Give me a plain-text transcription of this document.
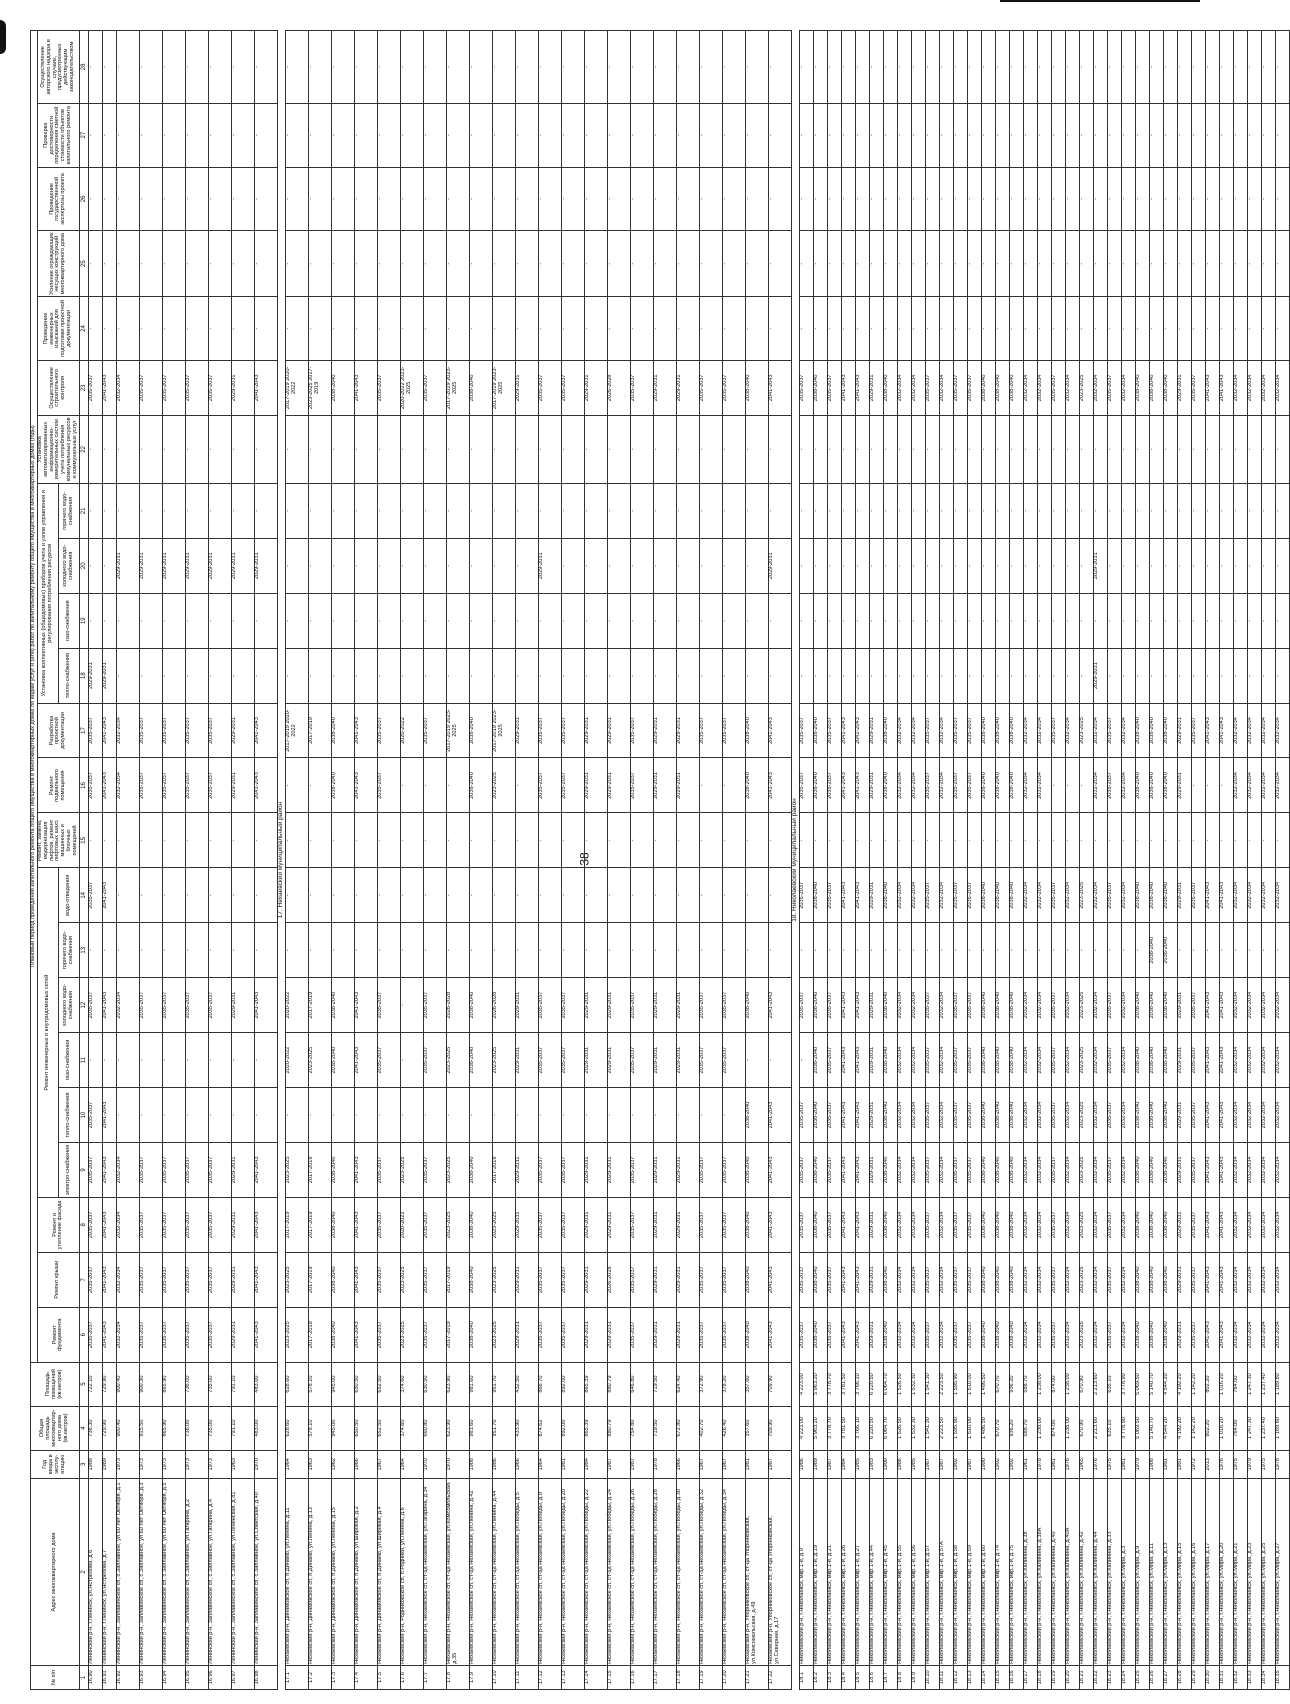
38
№ п/п	Адрес многоквартирного дома	Год ввода в эксплу-атацию	Общая площадь многоквартир-ного дома (кв.метров)	Площадь помещений (кв.метров)	Плановый период проведения капитального ремонта общего имущества в многоквартирных домах по видам услуг и (или) работ по капитальному ремонту общего имущества в многоквартирных домах (годы)																						
					Ремонт фундамента	Ремонт крыши	Ремонт и утепление фасада	Ремонт инженерных и внутридомовых сетей						Ремонт, замена, модернизация лифтов, ремонт лифтовых шахт, машинных и блочных помещений	Ремонт подвального помещения	Разработка проектной документации	Установка коллективных (общедомовых) приборов учета и узлов управления и регулирования потребления ресурсов				Установка автоматизированных информационно-измерительных систем учета потребления коммунальных ресурсов и коммунальных услуг	Осуществление строительного контроля	Проведение инженерных изысканий для подготовки проектной документации	Усиление ограждающих несущих конструкций многоквартирного дома	Проведение государственной экспертизы проекта	Проверка достоверности определения сметной стоимости объектов капитального ремонта	Осуществление авторского надзора в случаях, предусмотренных действующим законодательством
								электро-снабжения	тепло-снабжения	газо-снабжения	холодного водо-снабжения	горячего водо-снабжения	водо-отведения				тепло-снабжения	газо-снабжения	холодного водо-снабжения	горячего водо-снабжения							
1	2	3	4	5	6	7	8	9	10	11	12	13	14	15	16	17	18	19	20	21	22	23	24	25	26	27	28
16.90	Ленинский р-н, г.Ленинск, ул.Ястребова, д.6	1988	736.30	722.10	2035-2037	2035-2037	2035-2037	2035-2037	2035-2037	-	2035-2037	-	2035-2037	-	2035-2037	2035-2037	2029-2031	-	-	-	-	2035-2037	-	-	-	-	-
16.91	Ленинский р-н, г.Ленинск, ул.Ястребова, д.7	1989	729.90	729.90	2041-2043	2041-2043	2041-2043	2041-2043	2041-2043	-	2041-2043	-	2041-2043	-	2041-2043	2041-2043	2029-2031	-	-	-	-	2041-2043	-	-	-	-	-
16.92	Ленинский р-н, Заплавинское сп, с.Заплавное, ул.60 лет Октября, д.1	1973	900.40	900.40	2032-2034	2032-2034	2032-2034	2032-2034	-	-	2032-2034	-	-	-	2032-2034	2032-2034	-	-	2029-2031	-	-	2032-2034	-	-	-	-	-
16.93	Ленинский р-н, Заплавинское сп, с.Заплавное, ул.60 лет Октября, д.3	1973	915.50	900.30	2035-2037	2035-2037	2035-2037	2035-2037	-	-	2035-2037	-	-	-	2035-2037	2035-2037	-	-	2029-2031	-	-	2035-2037	-	-	-	-	-
16.94	Ленинский р-н, Заплавинское сп, с.Заплавное, ул.60 лет Октября, д.5	1973	865.90	865.90	2035-2037	2035-2037	2035-2037	2035-2037	-	-	2035-2037	-	-	-	2035-2037	2035-2037	-	-	2029-2031	-	-	2035-2037	-	-	-	-	-
16.95	Ленинский р-н, Заплавинское сп, с.Заплавное, ул.Гагарина, д.2	1973	736.00	736.00	2035-2037	2035-2037	2035-2037	2035-2037	-	-	2035-2037	-	-	-	2035-2037	2035-2037	-	-	2029-2031	-	-	2035-2037	-	-	-	-	-
16.96	Ленинский р-н, Заплавинское сп, с.Заплавное, ул.Гагарина, д.4	1973	735.00	735.00	2035-2037	2035-2037	2035-2037	2035-2037	-	-	2035-2037	-	-	-	2035-2037	2035-2037	-	-	2029-2031	-	-	2035-2037	-	-	-	-	-
16.97	Ленинский р-н, Заплавинское сп, с.Заплавное, ул.Ленинская, д.81	1963	791.10	791.10	2029-2031	2029-2031	2029-2031	2029-2031	-	-	2029-2031	-	-	-	2029-2031	2029-2031	-	-	2029-2031	-	-	2029-2031	-	-	-	-	-
16.98	Ленинский р-н, Заплавинское сп, с.Заплавное, ул.Советская, д.40	1970	483.00	483.00	2041-2043	2041-2043	2041-2043	2041-2043	-	-	2041-2043	-	-	-	2041-2043	2041-2043	-	-	2029-2031	-	-	2041-2043	-	-	-	-	-
17. Нехаевский муниципальный район																											
17.1	Нехаевский р-н, Динамовское сп, п.Динамо, ул.Ленина, д.11	1964	628.60	628.60	2023-2025	2023-2025	2017-2019	2023-2025	-	2020-2022	2020-2022	-	-	-	-	2017-2019 2020-2022	-	-	-	-	-	2017-2019 2020-2022	-	-	-	-	-
17.2	Нехаевский р-н, Динамовское сп, п.Динамо, ул.Ленина, д.13	1963	578.10	578.10	2017-2019	2017-2019	2017-2019	2017-2019	-	2023-2025	2017-2019	-	-	-	-	2017-2019	-	-	-	-	-	2023-2025 2017-2019	-	-	-	-	-
17.3	Нехаевский р-н, Динамовское сп, п.Динамо, ул.Ленина, д.15	1962	945.00	945.00	2038-2040	2038-2040	2038-2040	2038-2040	-	2038-2040	2038-2040	-	-	-	2038-2040	2038-2040	-	-	-	-	-	2038-2040	-	-	-	-	-
17.4	Нехаевский р-н, Динамовское сп, п.Динамо, ул.Широкая, д.2	1966	650.50	650.50	2041-2043	2041-2043	2041-2043	2041-2043	-	2041-2043	2041-2043	-	-	-	2041-2043	2041-2043	-	-	-	-	-	2041-2043	-	-	-	-	-
17.5	Нехаевский р-н, Динамовское сп, п.Динамо, ул.Широкая, д.4	1967	652.50	652.50	2035-2037	2035-2037	2035-2037	2035-2037	-	2035-2037	2035-2037	-	-	-	2035-2037	2035-2037	-	-	-	-	-	2035-2037	-	-	-	-	-
17.6	Нехаевский р-н, Родниковское сп, п.Родники, ул.Ленина, д.6	1964	374.60	374.60	2023-2025	2023-2025	2020-2022	2023-2025	-	-	-	-	-	-	-	2020-2022	-	-	-	-	-	2020-2022 2023-2025	-	-	-	-	-
17.7	Нехаевский р-н, Нехаевское сп, ст-ца Нехаевская, ул.Гагарина, д.34	1970	660.80	630.50	2035-2037	2035-2037	2035-2037	2035-2037	-	2035-2037	2035-2037	-	-	-	-	2035-2037	-	-	-	-	-	2035-2037	-	-	-	-	-
17.8	Нехаевский р-н, Нехаевское сп, ст-ца Нехаевская, ул.Комсомольская, д.35	1970	623.90	623.90	2017-2019	2017-2019	2023-2025	2023-2025	-	2023-2025	2026-2028	-	-	-	-	2017-2019 2023-2025	-	-	-	-	-	2017-2019 2023-2025	-	-	-	-	-
17.9	Нехаевский р-н, Нехаевское сп, ст-ца Нехаевская, ул.Ленина, д.42	1988	981.60	981.60	2038-2040	2038-2040	2038-2040	2038-2040	-	2038-2040	2038-2040	-	-	-	2038-2040	2038-2040	-	-	-	-	-	2038-2040	-	-	-	-	-
17.10	Нехаевский р-н, Нехаевское сп, ст-ца Нехаевская, ул.Ленина, д.44	1986	951.70	951.70	2023-2025	2023-2025	2023-2025	2017-2019	-	2023-2025	2026-2028	-	-	-	2023-2025	2017-2019 2023-2025	-	-	-	-	-	2017-2019 2023-2025	-	-	-	-	-
17.11	Нехаевский р-н, Нехаевское сп, ст-ца Нехаевская, ул.Победы, д.5	1966	433.90	432.50	2029-2031	2029-2031	2029-2031	2029-2031	-	2029-2031	2029-2031	-	-	-	-	2029-2031	-	-	-	-	-	2029-2031	-	-	-	-	-
17.12	Нехаевский р-н, Нехаевское сп, ст-ца Нехаевская, ул.Победы, д.9	1964	874.62	866.70	2035-2037	2035-2037	2035-2037	2035-2037	-	2035-2037	2035-2037	-	-	-	2035-2037	2035-2037	-	-	2029-2031	-	-	2035-2037	-	-	-	-	-
17.13	Нехаевский р-н, Нехаевское сп, ст-ца Нехаевская, ул.Победы, д.20	1981	892.00	892.00	2035-2037	2035-2037	2035-2037	2035-2037	-	2035-2037	2035-2037	-	-	-	2035-2037	2035-2037	-	-	-	-	-	2035-2037	-	-	-	-	-
17.14	Нехаевский р-н, Нехаевское сп, ст-ца Нехаевская, ул.Победы, д.22	1984	865.39	865.39	2029-2031	2029-2031	2029-2031	2029-2031	-	2029-2031	2029-2031	-	-	-	2029-2031	2029-2031	-	-	-	-	-	2029-2031	-	-	-	-	-
17.15	Нехаевский р-н, Нехаевское сп, ст-ца Нехаевская, ул.Победы, д.24	1987	880.79	880.79	2029-2031	2026-2028	2029-2031	2029-2031	-	2029-2031	2029-2031	-	-	-	2029-2031	2029-2031	-	-	-	-	-	2026-2028	-	-	-	-	-
17.16	Нехаевский р-н, Нехаевское сп, ст-ца Нехаевская, ул.Победы, д.26	1987	754.80	646.80	2035-2037	2035-2037	2035-2037	2035-2037	-	2035-2037	2035-2037	-	-	-	2035-2037	2035-2037	-	-	-	-	-	2035-2037	-	-	-	-	-
17.17	Нехаевский р-н, Нехаевское сп, ст-ца Нехаевская, ул.Победы, д.28	1978	719.50	719.50	2029-2031	2029-2031	2029-2031	2029-2031	-	2029-2031	2029-2031	-	-	-	2029-2031	2029-2031	-	-	-	-	-	2029-2031	-	-	-	-	-
17.18	Нехаевский р-н, Нехаевское сп, ст-ца Нехаевская, ул.Победы, д.30	1966	672.80	624.40	2029-2031	2029-2031	2029-2031	2029-2031	-	2029-2031	2029-2031	-	-	-	2029-2031	2029-2031	-	-	-	-	-	2029-2031	-	-	-	-	-
17.19	Нехаевский р-н, Нехаевское сп, ст-ца Нехаевская, ул.Победы, д.32	1967	402.70	372.90	2035-2037	2035-2037	2035-2037	2035-2037	-	2035-2037	2035-2037	-	-	-	-	2035-2037	-	-	-	-	-	2035-2037	-	-	-	-	-
17.20	Нехаевский р-н, Нехаевское сп, ст-ца Нехаевская, ул.Победы, д.34	1967	426.40	378.20	2035-2037	2035-2037	2035-2037	2035-2037	-	2035-2037	2035-2037	-	-	-	-	2035-2037	-	-	-	-	-	2035-2037	-	-	-	-	-
17.21	Нехаевский р-н, Упорниковское сп, ст-ца Упорниковская, ул.Комсомольская, д.49	1981	357.60	357.60	2038-2040	2038-2040	2038-2040	2038-2040	2038-2040	-	2038-2040	-	-	-	2038-2040	2038-2040	-	-	-	-	-	2038-2040	-	-	-	-	-
17.22	Нехаевский р-н, Упорниковское сп, ст-ца Упорниковская, ул.Северная, д.17	1987	709.90	709.90	2041-2043	2041-2043	2041-2043	2041-2043	2041-2043	-	2041-2043	-	-	-	2041-2043	2041-2043	-	-	2029-2031	-	-	2041-2043	-	-	-	-	-
18. Николаевский муниципальный район																											
18.1	Николаевский р-н, г.Николаевск, мкр.1-й, д.9	1986	4 223.00	4 223.00	2035-2037	2035-2037	2035-2037	2035-2037	2035-2037	-	2035-2037	-	2035-2037	-	2035-2037	2035-2037	-	-	-	-	-	2035-2037	-	-	-	-	-
18.2	Николаевский р-н, г.Николаевск, мкр.1-й, д.19	1989	5 963.20	5 963.20	2038-2040	2038-2040	2038-2040	2038-2040	2038-2040	2038-2040	2038-2040	-	2038-2040	-	2038-2040	2038-2040	-	-	-	-	-	2038-2040	-	-	-	-	-
18.3	Николаевский р-н, г.Николаевск, мкр.1-й, д.21	1987	3 778.70	3 778.70	2035-2037	2035-2037	2035-2037	2035-2037	2035-2037	2035-2037	2035-2037	-	2035-2037	-	2035-2037	2035-2037	-	-	-	-	-	2035-2037	-	-	-	-	-
18.4	Николаевский р-н, г.Николаевск, мкр.1-й, д.26	1984	3 781.50	3 781.50	2041-2043	2041-2043	2041-2043	2041-2043	2041-2043	2041-2043	2041-2043	-	2041-2043	-	2041-2043	2041-2043	-	-	-	-	-	2041-2043	-	-	-	-	-
18.5	Николаевский р-н, г.Николаевск, мкр.1-й, д.27	1985	3 766.10	3 766.10	2041-2043	2041-2043	2041-2043	2041-2043	2041-2043	2041-2043	2041-2043	-	2041-2043	-	2041-2043	2041-2043	-	-	-	-	-	2041-2043	-	-	-	-	-
18.6	Николаевский р-н, г.Николаевск, мкр.1-й, д.44	1983	6 220.50	6 220.50	2029-2031	2029-2031	2029-2031	2029-2031	2029-2031	2029-2031	2029-2031	-	2029-2031	-	2029-2031	2029-2031	-	-	-	-	-	2029-2031	-	-	-	-	-
18.7	Николаевский р-н, г.Николаевск, мкр.1-й, д.45	1990	6 064.70	6 064.70	2038-2040	2038-2040	2038-2040	2038-2040	2038-2040	2038-2040	2038-2040	-	2038-2040	-	2038-2040	2038-2040	-	-	-	-	-	2038-2040	-	-	-	-	-
18.8	Николаевский р-н, г.Николаевск, мкр.1-й, д.55	1986	1 526.50	1 526.50	2032-2034	2032-2034	2032-2034	2032-2034	2032-2034	2032-2034	2032-2034	-	2032-2034	-	2032-2034	2032-2034	-	-	-	-	-	2032-2034	-	-	-	-	-
18.9	Николаевский р-н, г.Николаевск, мкр.1-й, д.56	1985	1 532.30	1 532.30	2032-2034	2032-2034	2032-2034	2032-2034	2032-2034	2032-2034	2032-2034	-	2032-2034	-	2032-2034	2032-2034	-	-	-	-	-	2032-2034	-	-	-	-	-
18.10	Николаевский р-н, г.Николаевск, мкр.1-й, д.57	1987	1 541.30	1 541.30	2035-2037	2035-2037	2035-2037	2035-2037	2035-2037	2035-2037	2035-2037	-	2035-2037	-	2035-2037	2035-2037	-	-	-	-	-	2035-2037	-	-	-	-	-
18.11	Николаевский р-н, г.Николаевск, мкр.1-й, д.57А	1987	2 223.50	2 223.50	2032-2034	2032-2034	2032-2034	2032-2034	2032-2034	2032-2034	2032-2034	-	2032-2034	-	2032-2034	2032-2034	-	-	-	-	-	2032-2034	-	-	-	-	-
18.12	Николаевский р-н, г.Николаевск, мкр.1-й, д.58	1992	1 595.90	1 595.90	2035-2037	2035-2037	2035-2037	2035-2037	2035-2037	2035-2037	2035-2037	-	2035-2037	-	2035-2037	2035-2037	-	-	-	-	-	2035-2037	-	-	-	-	-
18.13	Николаевский р-н, г.Николаевск, мкр.1-й, д.59	1987	1 510.00	1 510.00	2035-2037	2035-2037	2035-2037	2035-2037	2035-2037	2035-2037	2035-2037	-	2035-2037	-	2035-2037	2035-2037	-	-	-	-	-	2035-2037	-	-	-	-	-
18.14	Николаевский р-н, г.Николаевск, мкр.1-й, д.60	1990	1 486.50	1 486.50	2038-2040	2038-2040	2038-2040	2038-2040	2038-2040	2038-2040	2038-2040	-	2038-2040	-	2038-2040	2038-2040	-	-	-	-	-	2038-2040	-	-	-	-	-
18.15	Николаевский р-н, г.Николаевск, мкр.1-й, д.74	1992	670.70	670.70	2038-2040	2038-2040	2038-2040	2038-2040	2038-2040	2038-2040	2038-2040	-	2038-2040	-	2038-2040	2038-2040	-	-	-	-	-	2038-2040	-	-	-	-	-
18.16	Николаевский р-н, г.Николаевск, мкр.1-й, д.75	1992	936.20	936.20	2038-2040	2038-2040	2038-2040	2038-2040	2038-2040	2038-2040	2038-2040	-	2038-2040	-	2038-2040	2038-2040	-	-	-	-	-	2038-2040	-	-	-	-	-
18.17	Николаевский р-н, г.Николаевск, ул.Калинина, д.38	1961	588.70	588.70	2032-2034	2032-2034	2032-2034	2032-2034	2032-2034	2032-2034	2032-2034	-	2032-2034	-	2032-2034	2032-2034	-	-	-	-	-	2032-2034	-	-	-	-	-
18.18	Николаевский р-н, г.Николаевск, ул.Калинина, д.38А	1978	1 238.00	1 238.00	2032-2034	2032-2034	2032-2034	2032-2034	2032-2034	2032-2034	2032-2034	-	2032-2034	-	2032-2034	2032-2034	-	-	-	-	-	2032-2034	-	-	-	-	-
18.19	Николаевский р-н, г.Николаевск, ул.Калинина, д.40	1981	874.00	874.00	2035-2037	2035-2037	2035-2037	2035-2037	2035-2037	2035-2037	2035-2037	-	2035-2037	-	-	2035-2037	-	-	-	-	-	2035-2037	-	-	-	-	-
18.20	Николаевский р-н, г.Николаевск, ул.Калинина, д.40А	1976	1 238.00	1 238.00	2032-2034	2032-2034	2032-2034	2032-2034	2032-2034	2032-2034	2032-2034	-	2032-2034	-	-	2032-2034	-	-	-	-	-	2032-2034	-	-	-	-	-
18.21	Николаевский р-н, г.Николаевск, ул.Калинина, д.42	1965	670.90	670.90	2023-2025	2023-2025	2023-2025	2023-2025	2023-2025	2023-2025	2023-2025	-	2023-2025	-	-	2023-2025	-	-	-	-	-	2023-2025	-	-	-	-	-
18.22	Николаевский р-н, г.Николаевск, ул.Калинина, д.44	1976	2 213.60	2 213.60	2032-2034	2032-2034	2032-2034	2032-2034	2032-2034	2032-2034	2032-2034	-	2032-2034	-	2032-2034	2032-2034	2029-2031	-	2029-2031	-	-	2032-2034	-	-	-	-	-
18.23	Николаевский р-н, г.Николаевск, ул.Калинина, д.33	1975	635.10	635.10	2035-2037	2035-2037	2035-2037	2035-2037	2035-2037	2035-2037	2035-2037	-	2035-2037	-	2035-2037	2035-2037	-	-	-	-	-	2035-2037	-	-	-	-	-
18.24	Николаевский р-н, г.Николаевск, ул.Мира, д.3	1981	3 778.90	3 778.90	2032-2034	2032-2034	2032-2034	2032-2034	2032-2034	2032-2034	2032-2034	-	2032-2034	-	2032-2034	2032-2034	-	-	-	-	-	2032-2034	-	-	-	-	-
18.25	Николаевский р-н, г.Николаевск, ул.Мира, д.9	1979	5 069.50	5 069.50	2038-2040	2038-2040	2038-2040	2038-2040	2038-2040	2038-2040	2038-2040	-	2038-2040	-	2038-2040	2038-2040	-	-	-	-	-	2038-2040	-	-	-	-	-
18.26	Николаевский р-н, г.Николаевск, ул.Мира, д.11	1988	5 140.70	5 140.70	2038-2040	2038-2040	2038-2040	2038-2040	2038-2040	2038-2040	2038-2040	2038-2040	2038-2040	-	2038-2040	2038-2040	-	-	-	-	-	2038-2040	-	-	-	-	-
18.27	Николаевский р-н, г.Николаевск, ул.Мира, д.13	1991	4 544.20	4 544.20	2038-2040	2038-2040	2038-2040	2038-2040	2038-2040	2038-2040	2038-2040	2038-2040	2038-2040	-	2038-2040	2038-2040	-	-	-	-	-	2038-2040	-	-	-	-	-
18.28	Николаевский р-н, г.Николаевск, ул.Мира, д.15	1991	4 192.20	4 192.20	2029-2031	2029-2031	2029-2031	2029-2031	2029-2031	2029-2031	2029-2031	-	2029-2031	-	2029-2031	2029-2031	-	-	-	-	-	2029-2031	-	-	-	-	-
18.29	Николаевский р-н, г.Николаевск, ул.Мира, д.16	1972	1 142.20	1 142.20	2035-2037	2035-2037	2035-2037	2035-2037	2035-2037	2035-2037	2035-2037	-	2035-2037	-	-	2035-2037	-	-	-	-	-	2035-2037	-	-	-	-	-
18.30	Николаевский р-н, г.Николаевск, ул.Мира, д.17	2013	802.20	802.20	2041-2043	2041-2043	2041-2043	2041-2043	2041-2043	2041-2043	2041-2043	-	2041-2043	-	-	2041-2043	-	-	-	-	-	2041-2043	-	-	-	-	-
18.31	Николаевский р-н, г.Николаевск, ул.Мира, д.20	1976	1 016.20	1 016.20	2041-2043	2041-2043	2041-2043	2041-2043	2041-2043	2041-2043	2041-2043	-	2041-2043	-	-	2041-2043	-	-	-	-	-	2041-2043	-	-	-	-	-
18.32	Николаевский р-н, г.Николаевск, ул.Мира, д.21	1975	764.00	764.00	2032-2034	2032-2034	2032-2034	2032-2034	2032-2034	2032-2034	2032-2034	-	2032-2034	-	2032-2034	2032-2034	-	-	-	-	-	2032-2034	-	-	-	-	-
18.33	Николаевский р-н, г.Николаевск, ул.Мира, д.23	1979	1 247.30	1 247.30	2032-2034	2032-2034	2032-2034	2032-2034	2032-2034	2032-2034	2032-2034	-	2032-2034	-	2032-2034	2032-2034	-	-	-	-	-	2032-2034	-	-	-	-	-
18.34	Николаевский р-н, г.Николаевск, ул.Мира, д.25	1975	1 237.40	1 237.40	2032-2034	2032-2034	2032-2034	2032-2034	2032-2034	2032-2034	2032-2034	-	2032-2034	-	2032-2034	2032-2034	-	-	-	-	-	2032-2034	-	-	-	-	-
18.35	Николаевский р-н, г.Николаевск, ул.Мира, д.27	1978	1 189.80	1 189.80	2032-2034	2032-2034	2032-2034	2032-2034	2032-2034	2032-2034	2032-2034	-	2032-2034	-	2032-2034	2032-2034	-	-	-	-	-	2032-2034	-	-	-	-	-
